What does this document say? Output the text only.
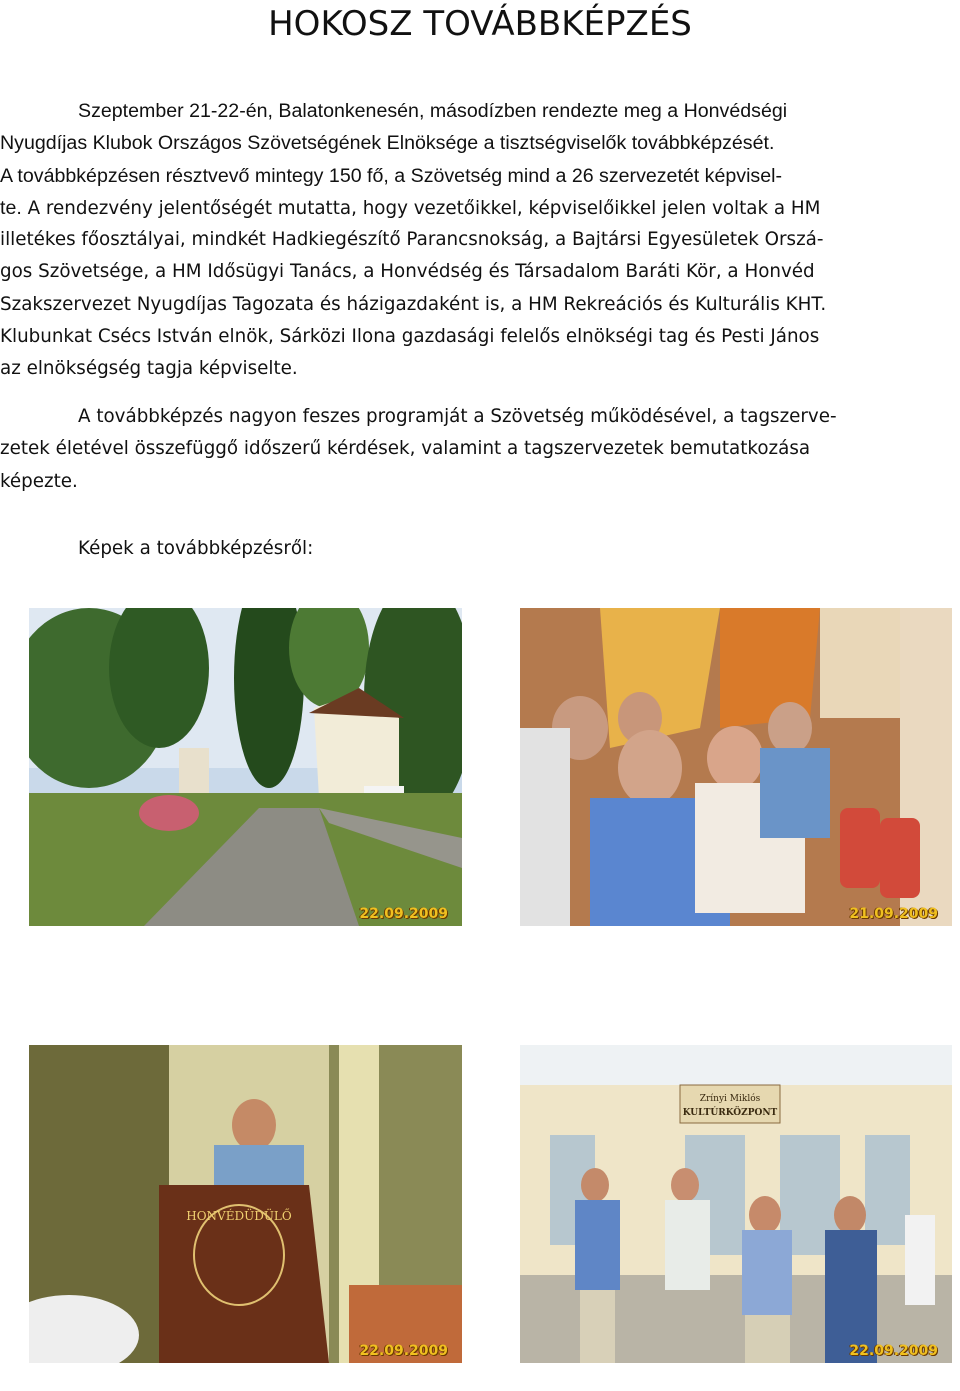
HOKOSZ TOVÁBBKÉPZÉS
Szeptember 21-22-én, Balatonkenesén, másodízben rendezte meg a Honvédségi
Nyugdíjas Klubok Országos Szövetségének Elnöksége a tisztségviselők továbbképzését.
A továbbképzésen résztvevő mintegy 150 fő, a Szövetség mind a 26 szervezetét képvisel-
te. A rendezvény jelentőségét mutatta, hogy vezetőikkel, képviselőikkel jelen voltak a HM
illetékes főosztályai, mindkét Hadkiegészítő Parancsnokság, a Bajtársi Egyesületek Orszá-
gos Szövetsége, a HM Idősügyi Tanács, a Honvédség és Társadalom Baráti Kör, a Honvéd
Szakszervezet Nyugdíjas Tagozata és házigazdaként is, a HM Rekreációs és Kulturális KHT.
Klubunkat Csécs István elnök, Sárközi Ilona gazdasági felelős elnökségi tag és Pesti János
az elnökségség tagja képviselte.
A továbbképzés nagyon feszes programját a Szövetség működésével, a tagszerve-
zetek életével összefüggő időszerű kérdések, valamint a tagszervezetek bemutatkozása
képezte.

Képek a továbbképzésről:

22.09.2009	21.09.2009
HONVÉDÜDÜLŐ
22.09.2009
Zrínyi Miklós
KULTÚRKÖZPONT
22.09.2009
